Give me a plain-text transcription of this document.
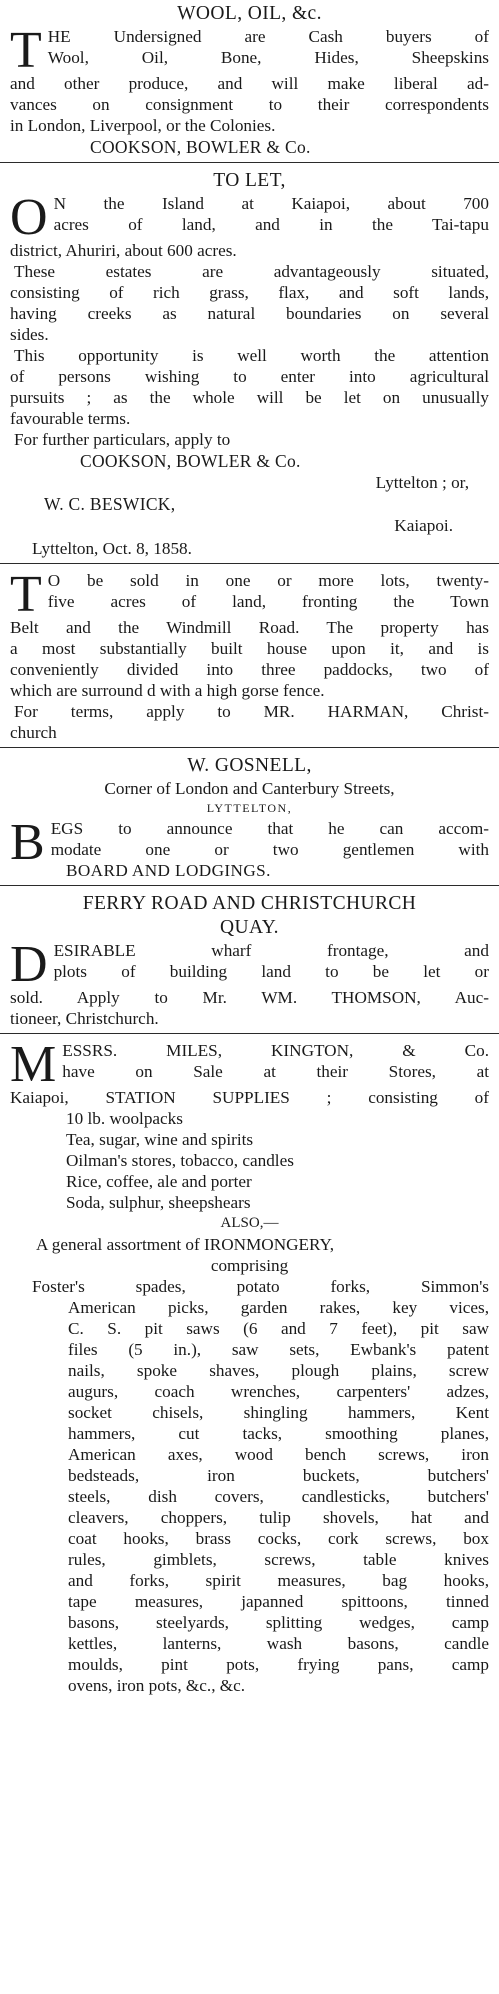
WOOL, OIL, &c.

T HE Undersigned are Cash buyers of

Wool, Oil, Bone, Hides, Sheepskins

and other produce, and will make liberal ad-

vances on consignment to their correspondents

in London, Liverpool, or the Colonies.

COOKSON, BOWLER & Co.

TO LET,

O N the Island at Kaiapoi, about 700

acres of land, and in the Tai-tapu

district, Ahuriri, about 600 acres.

These estates are advantageously situated,

consisting of rich grass, flax, and soft lands,

having creeks as natural boundaries on several

sides.

This opportunity is well worth the attention

of persons wishing to enter into agricultural

pursuits ; as the whole will be let on unusually

favourable terms.

For further particulars, apply to

COOKSON, BOWLER & Co.

Lyttelton ; or,

W. C. BESWICK,

Kaiapoi.

Lyttelton, Oct. 8, 1858.

T O be sold in one or more lots, twenty-

five acres of land, fronting the Town

Belt and the Windmill Road. The property has

a most substantially built house upon it, and is

conveniently divided into three paddocks, two of

which are surround d with a high gorse fence.

For terms, apply to MR. HARMAN, Christ-

church

W. GOSNELL,

Corner of London and Canterbury Streets,

LYTTELTON,

B EGS to announce that he can accom-

modate one or two gentlemen with

BOARD AND LODGINGS.

FERRY ROAD AND CHRISTCHURCH

QUAY.

D ESIRABLE wharf frontage, and

plots of building land to be let or

sold. Apply to Mr. WM. THOMSON, Auc-

tioneer, Christchurch.

M ESSRS. MILES, KINGTON, & Co.

have on Sale at their Stores, at

Kaiapoi, STATION SUPPLIES ; consisting of

10 lb. woolpacks

Tea, sugar, wine and spirits

Oilman's stores, tobacco, candles

Rice, coffee, ale and porter

Soda, sulphur, sheepshears

ALSO,—

A general assortment of IRONMONGERY,

comprising

Foster's spades, potato forks, Simmon's

American picks, garden rakes, key vices,

C. S. pit saws (6 and 7 feet), pit saw

files (5 in.), saw sets, Ewbank's patent

nails, spoke shaves, plough plains, screw

augurs, coach wrenches, carpenters' adzes,

socket chisels, shingling hammers, Kent

hammers, cut tacks, smoothing planes,

American axes, wood bench screws, iron

bedsteads, iron buckets, butchers'

steels, dish covers, candlesticks, butchers'

cleavers, choppers, tulip shovels, hat and

coat hooks, brass cocks, cork screws, box

rules, gimblets, screws, table knives

and forks, spirit measures, bag hooks,

tape measures, japanned spittoons, tinned

basons, steelyards, splitting wedges, camp

kettles, lanterns, wash basons, candle

moulds, pint pots, frying pans, camp

ovens, iron pots, &c., &c.
